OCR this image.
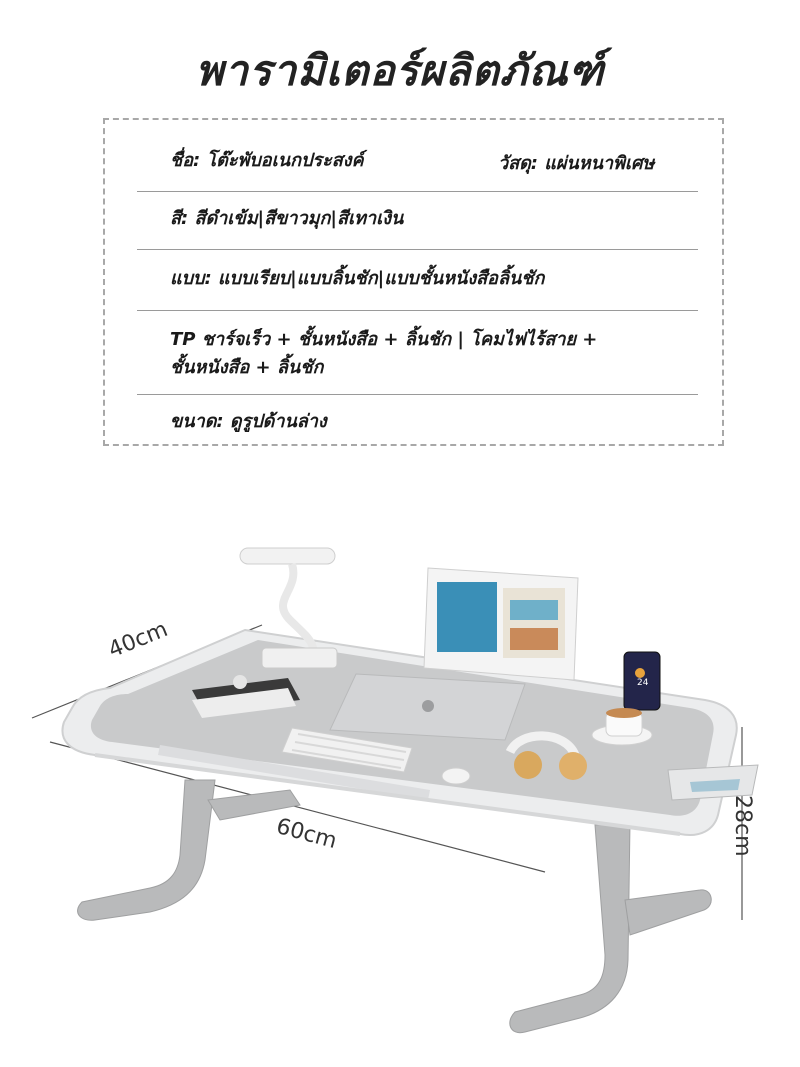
พารามิเตอร์ผลิตภัณฑ์
ชื่อ: โต๊ะพับอเนกประสงค์	วัสดุ: แผ่นหนาพิเศษ
สี: สีดำเข้ม|สีขาวมุก|สีเทาเงิน
แบบ: แบบเรียบ|แบบลิ้นชัก|แบบชั้นหนังสือลิ้นชัก
TP ชาร์จเร็ว + ชั้นหนังสือ + ลิ้นชัก | โคมไฟไร้สาย +
ชั้นหนังสือ + ลิ้นชัก
ขนาด: ดูรูปด้านล่าง
24
40cm
60cm	28cm
